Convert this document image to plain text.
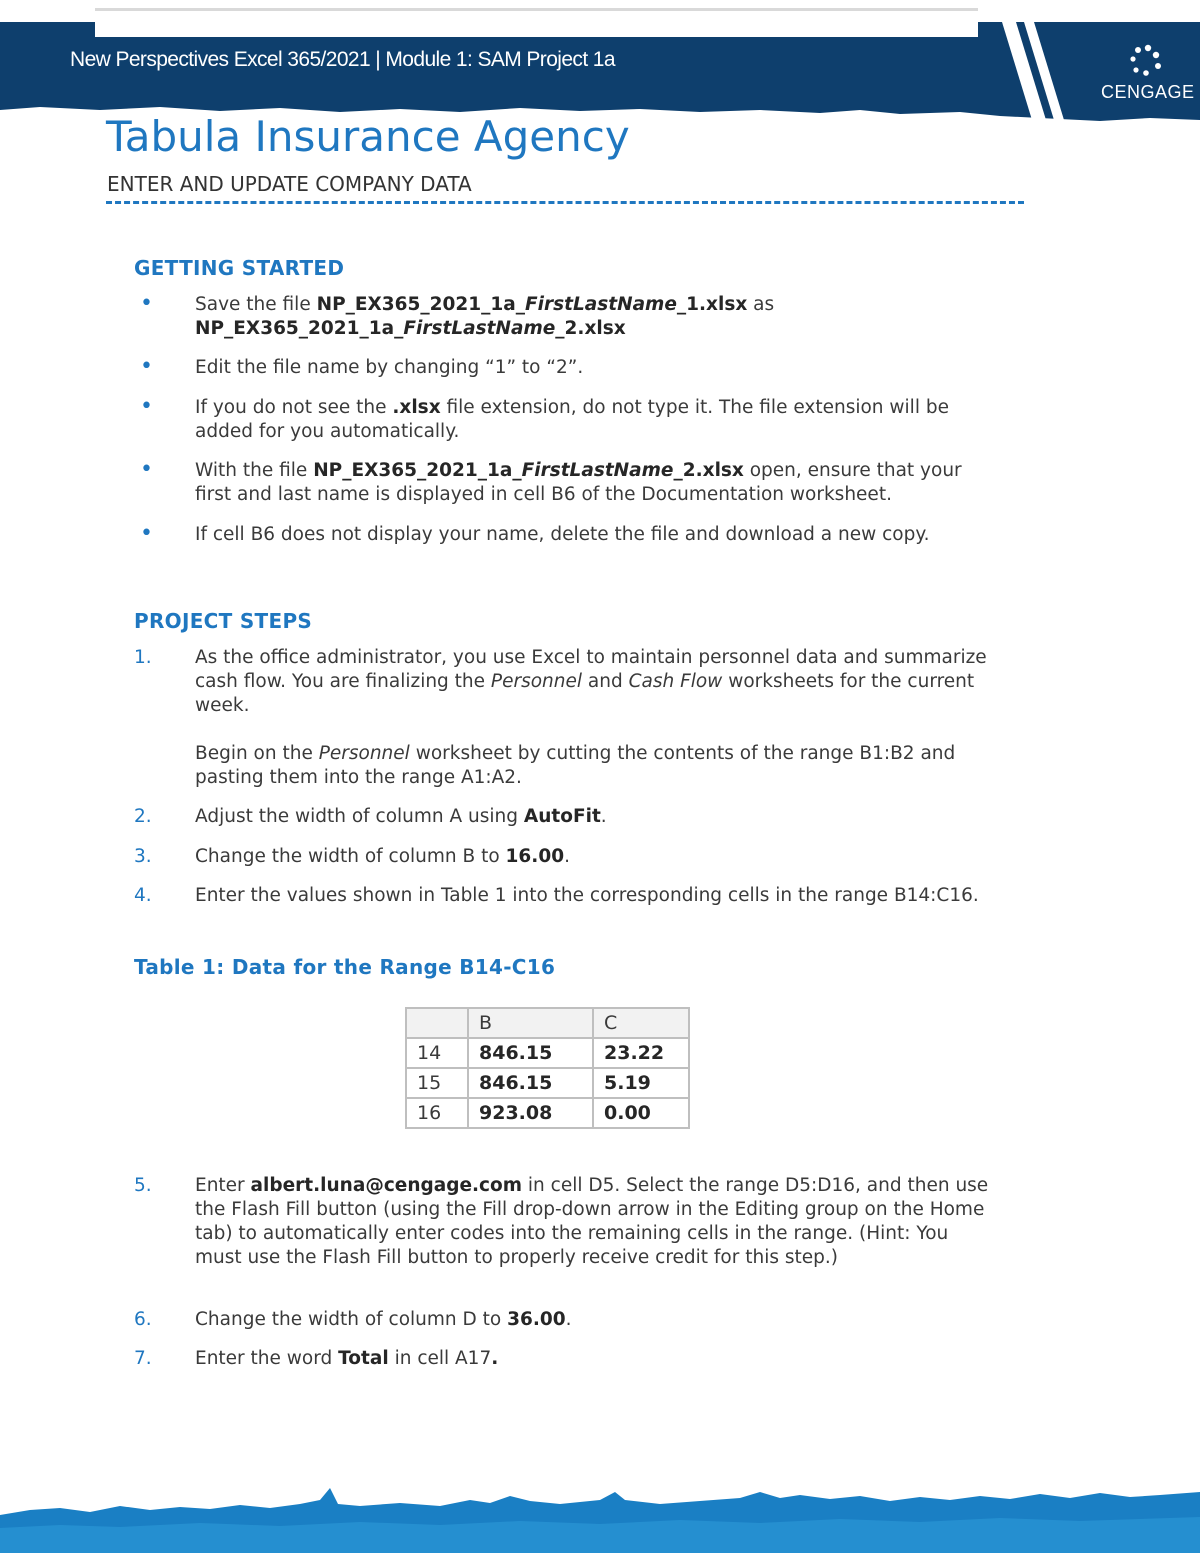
New Perspectives Excel 365/2021 | Module 1: SAM Project 1a
CENGAGE
Tabula Insurance Agency
ENTER AND UPDATE COMPANY DATA
GETTING STARTED
• Save the file NP_EX365_2021_1a_FirstLastName_1.xlsx as
NP_EX365_2021_1a_FirstLastName_2.xlsx
• Edit the file name by changing “1” to “2”.
• If you do not see the .xlsx file extension, do not type it. The file extension will be added for you automatically.
• With the file NP_EX365_2021_1a_FirstLastName_2.xlsx open, ensure that your first and last name is displayed in cell B6 of the Documentation worksheet.
• If cell B6 does not display your name, delete the file and download a new copy.
PROJECT STEPS
1. As the office administrator, you use Excel to maintain personnel data and summarize cash flow. You are finalizing the Personnel and Cash Flow worksheets for the current week.
Begin on the Personnel worksheet by cutting the contents of the range B1:B2 and pasting them into the range A1:A2.
2. Adjust the width of column A using AutoFit.
3. Change the width of column B to 16.00.
4. Enter the values shown in Table 1 into the corresponding cells in the range B14:C16.
Table 1: Data for the Range B14-C16
	B	C
14	846.15	23.22
15	846.15	5.19
16	923.08	0.00
5. Enter albert.luna@cengage.com in cell D5. Select the range D5:D16, and then use the Flash Fill button (using the Fill drop-down arrow in the Editing group on the Home tab) to automatically enter codes into the remaining cells in the range. (Hint: You must use the Flash Fill button to properly receive credit for this step.)
6. Change the width of column D to 36.00.
7. Enter the word Total in cell A17.
